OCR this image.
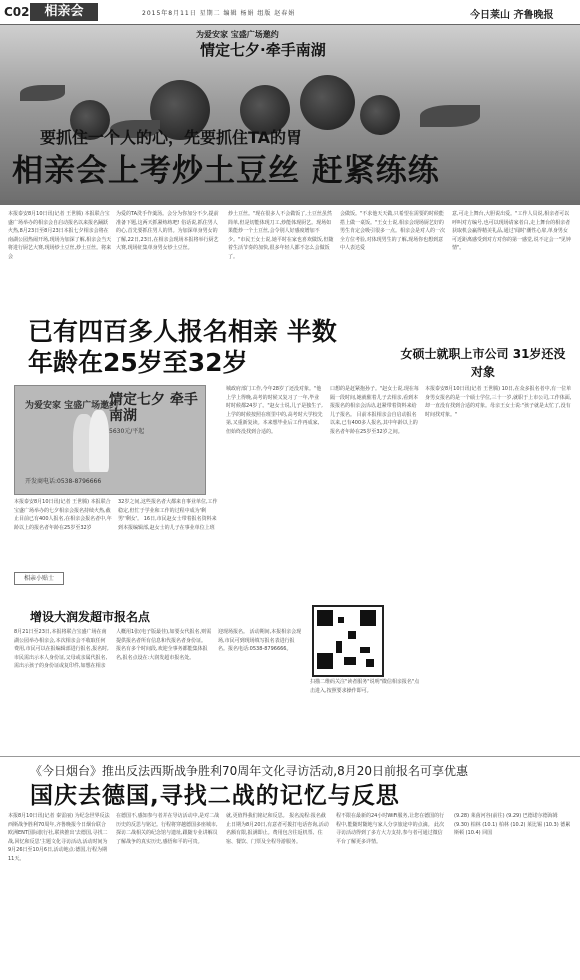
C02	相亲会	2015年8月11日 星期二 编辑 杨娟 组版 赵春娟	今日莱山 齐鲁晚报
为爱安家 宝盛广场邀约
情定七夕·牵手南湖
要抓住一个人的心，先要抓住TA的胃
相亲会上考炒土豆丝 赶紧练练
本报泰安8月10日讯(记者 王世腾) 本报联合宝盛广场举办的相亲会自启动报名以来报名踊跃火热,8月23日至8月23日本报七夕相亲会将在南湖公园热闹开场,现场为加深了解,相亲会当天将进行厨艺大赛,现场炒土豆丝,炒土豆丝。将来会
为爱的TA洗手作羹汤。会分为你加分不少,提前准备下题,这两天抓紧练练吧! 俗话说,抓住男人的心,首先要抓住男人的胃。为加深单身男女的了解,22日,23日,在相亲会现场本报将举行厨艺大赛,现场征集单身男女炒土豆丝。
炒土豆丝。"现在很多人不会做饭了,土豆丝虽然简单,但是切能体现刀工,炒能体现厨艺。现场如果能炒一个土豆丝,会令别人好感度增加不少。"市民王女士说,她平时在家也喜欢做饭,但随着生活节奏的加快,很多年轻人都不怎么会做饭了。
会做饭。"不求他天天做,只希望在需要的时候能搭上做一桌饭。"王女士说,相亲会现场厨艺好的男生肯定会吸引很多一点。相亲会是对人的一次全方位考验,对体现男生的了解,现场你也想到意中人表达爱
意,可走上舞台,大胆说出爱。"工作人员说,相亲者可以呼叫对方编号,也可以现场请家者白,走上舞台的相亲者获取机会赢得精美礼品,通过'闻时'潮性心扉,单身男女可近距离感受到对方对你的第一感觉,说不定会一"见钟情"。
已有四百多人报名相亲 半数年龄在25岁至32岁	女硕士就职上市公司 31岁还没对象
为爱安家 宝盛广场邀约
情定七夕 牵手南湖
5630元/平起
开发商电话:0538-8796666
本报泰安8月10日讯(记者 王世腾) 本报联合宝盛广场举办的七夕相亲会报名持续火热,截止目前已有400人报名,在相亲会报名者中,年龄以上的报名者年龄在25岁至32岁
32岁之间,这些报名者大都来自事业单位,工作稳定,但忙于学业和工作的过程中成为'剩男''剩女'。 16日,市民赵女士带着报名资料来到本报编辑部,赵女士的儿子在事业单位上班
城政府部门工作,今年28岁了还没对象。"他上学上得晚,高考的时候又复习了一年,毕业时时候都24岁了。"赵女士说,儿子是独生子,上学的时候按照在班里中的,高考时大学校先第,又重新复读。本来想毕业后工作再成家,但始终没找到合适的。
口想的是赶紧抱孙子。"赵女士说,现在每隔一段时间,她就催着儿子去相亲,看到本报报名的相亲会活动,赶紧带着资料来给儿子报名。 目前本报相亲会自启动报名以来,已有400多人报名,其中年龄以上的报名者年龄在25岁至32岁之间。
本报泰安8月10日讯(记者 王世腾) 10日,在众多报名者中,有一位单身男女报名的是一个硕士学位,三十一岁,就职于上市公司,工作体面,却一直没有找到合适的对象。母亲王女士说:"孩子就是太忙了,没有时间找对象。"
相亲小贴士
增设大润发超市报名点
8月21日至23日,本报将联合宝盛广场在南湖公园举办相亲会,本次相亲会不收取任何费用,市民可以在报编辑部进行报名,报名时,市民需出示本人身份证,父母或亲属代报名,需出示孩子的身份证或复印件,如想在相亲
人概用1张(电子版最佳),如要女代报名,则需提供报名者所有信息和代报名者身份证。 报名有多个时间段,欢迎全事务都能集体报名,报名点设在:大润发超市报名处。
迎现场报名。 活动期间,本报相亲会现场,市民可到现场填写报名表进行报名。报名电话:0538-8796666。
扫描二维码关注"读者服务"说明"微信相亲报名"点击进入,按照要求操作即可。
《今日烟台》推出反法西斯战争胜利70周年文化寻访活动,8月20日前报名可享优惠
国庆去德国,寻找二战的记忆与反思
本报8月10日讯(记者 秦雷丽) 为纪念世界反法西斯战争胜利70周年,齐鲁晚报今日烟台联合欧洲ENT国际旅行社,联袂推出'去德国,寻找二战,回忆和反思'主题文化寻访活动,活动时间为9月26日至10月6日,活动地点:德国,行程为期11天。
在德国不,感知参与者并在导访活动中,是对二战历史的反思与铭记。行程将穿越德国多座城市,探访二战相关的纪念馆与遗址,跟随专业讲解员了解战争的真实历史,感悟和平的可贵。
就,更值得我们铭记和反思。 报名流程:报名截止日期为8月20日,有意者可拨打电话咨询,活动名额有限,报满即止。费用包含往返机票、住宿、餐饮、门票及全程导游服务。
程不限在最新的24小时WiFi服务,让您在德国的行程中,能随时随地与家人分享旅途中的点滴。 此次寻访活动得到了多方大力支持,参与者可通过微信平台了解更多详情。
(9.28) 莱茵河谷(前往) (9.29) 巴德诺尔德海姆 (9.30) 柏林 (10.1) 柏林 (10.2) 莱比锡 (10.3) 德累斯顿 (10.4) 回国
